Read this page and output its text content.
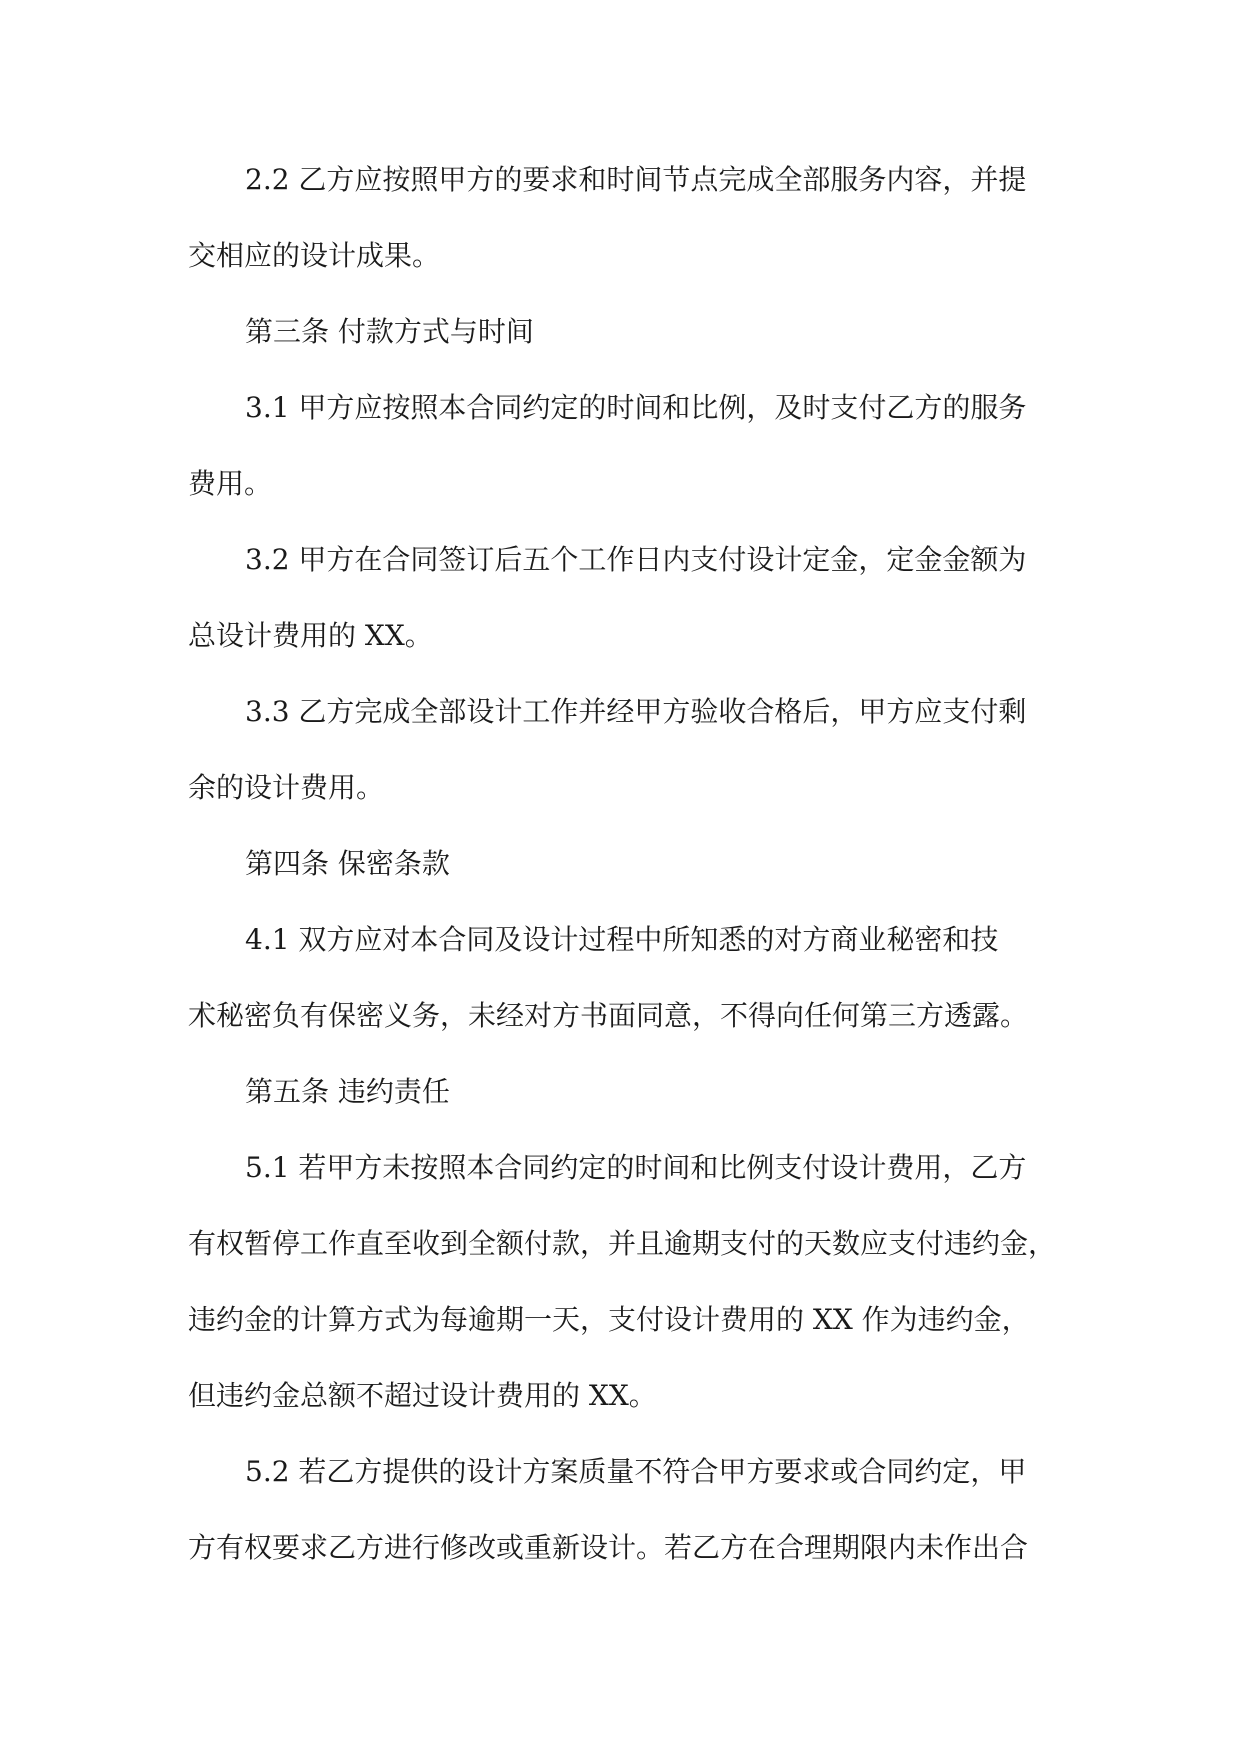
2.2 乙方应按照甲方的要求和时间节点完成全部服务内容，并提
交相应的设计成果。
第三条 付款方式与时间
3.1 甲方应按照本合同约定的时间和比例，及时支付乙方的服务
费用。
3.2 甲方在合同签订后五个工作日内支付设计定金，定金金额为
总设计费用的 XX。
3.3 乙方完成全部设计工作并经甲方验收合格后，甲方应支付剩
余的设计费用。
第四条 保密条款
4.1 双方应对本合同及设计过程中所知悉的对方商业秘密和技
术秘密负有保密义务，未经对方书面同意，不得向任何第三方透露。
第五条 违约责任
5.1 若甲方未按照本合同约定的时间和比例支付设计费用，乙方
有权暂停工作直至收到全额付款，并且逾期支付的天数应支付违约金，
违约金的计算方式为每逾期一天，支付设计费用的 XX 作为违约金，
但违约金总额不超过设计费用的 XX。
5.2 若乙方提供的设计方案质量不符合甲方要求或合同约定，甲
方有权要求乙方进行修改或重新设计。若乙方在合理期限内未作出合
